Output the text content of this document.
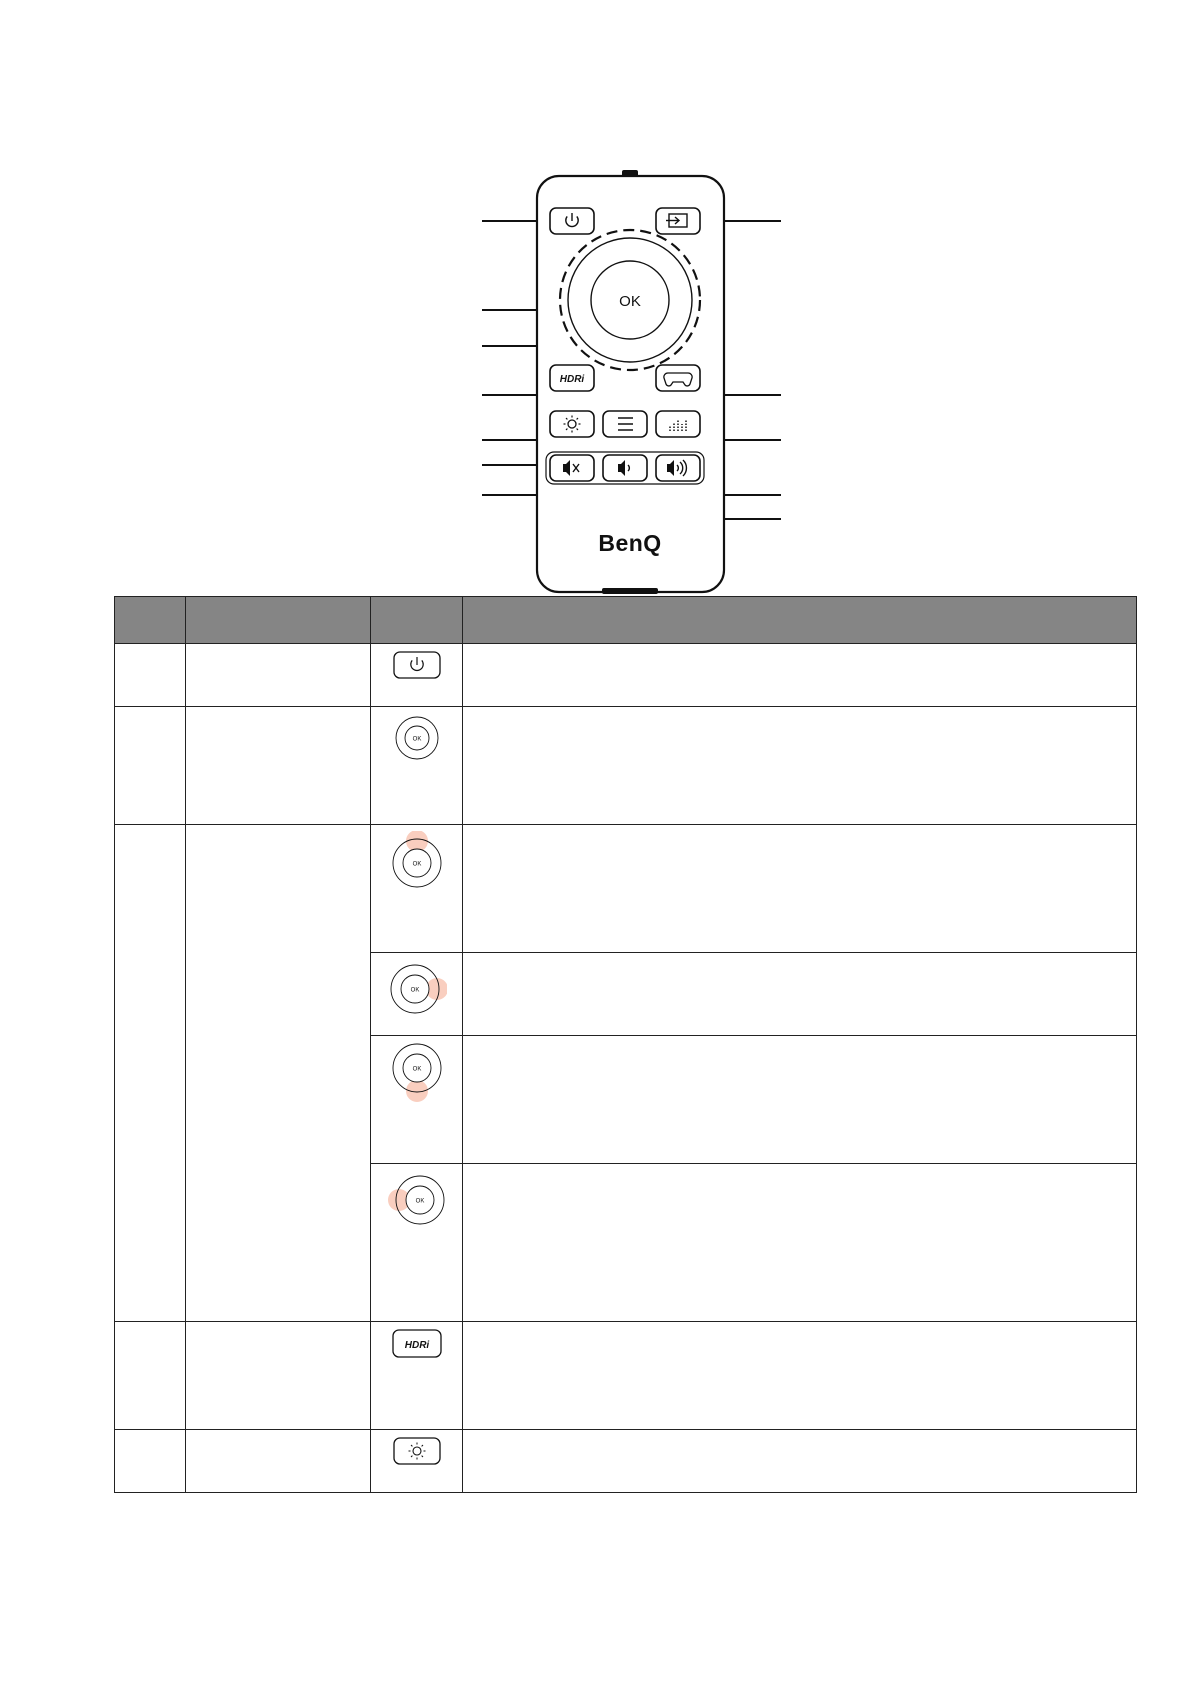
OK
HDRi
BenQ

OK	

OK	

OK	

OK	

OK	

HDRi	
